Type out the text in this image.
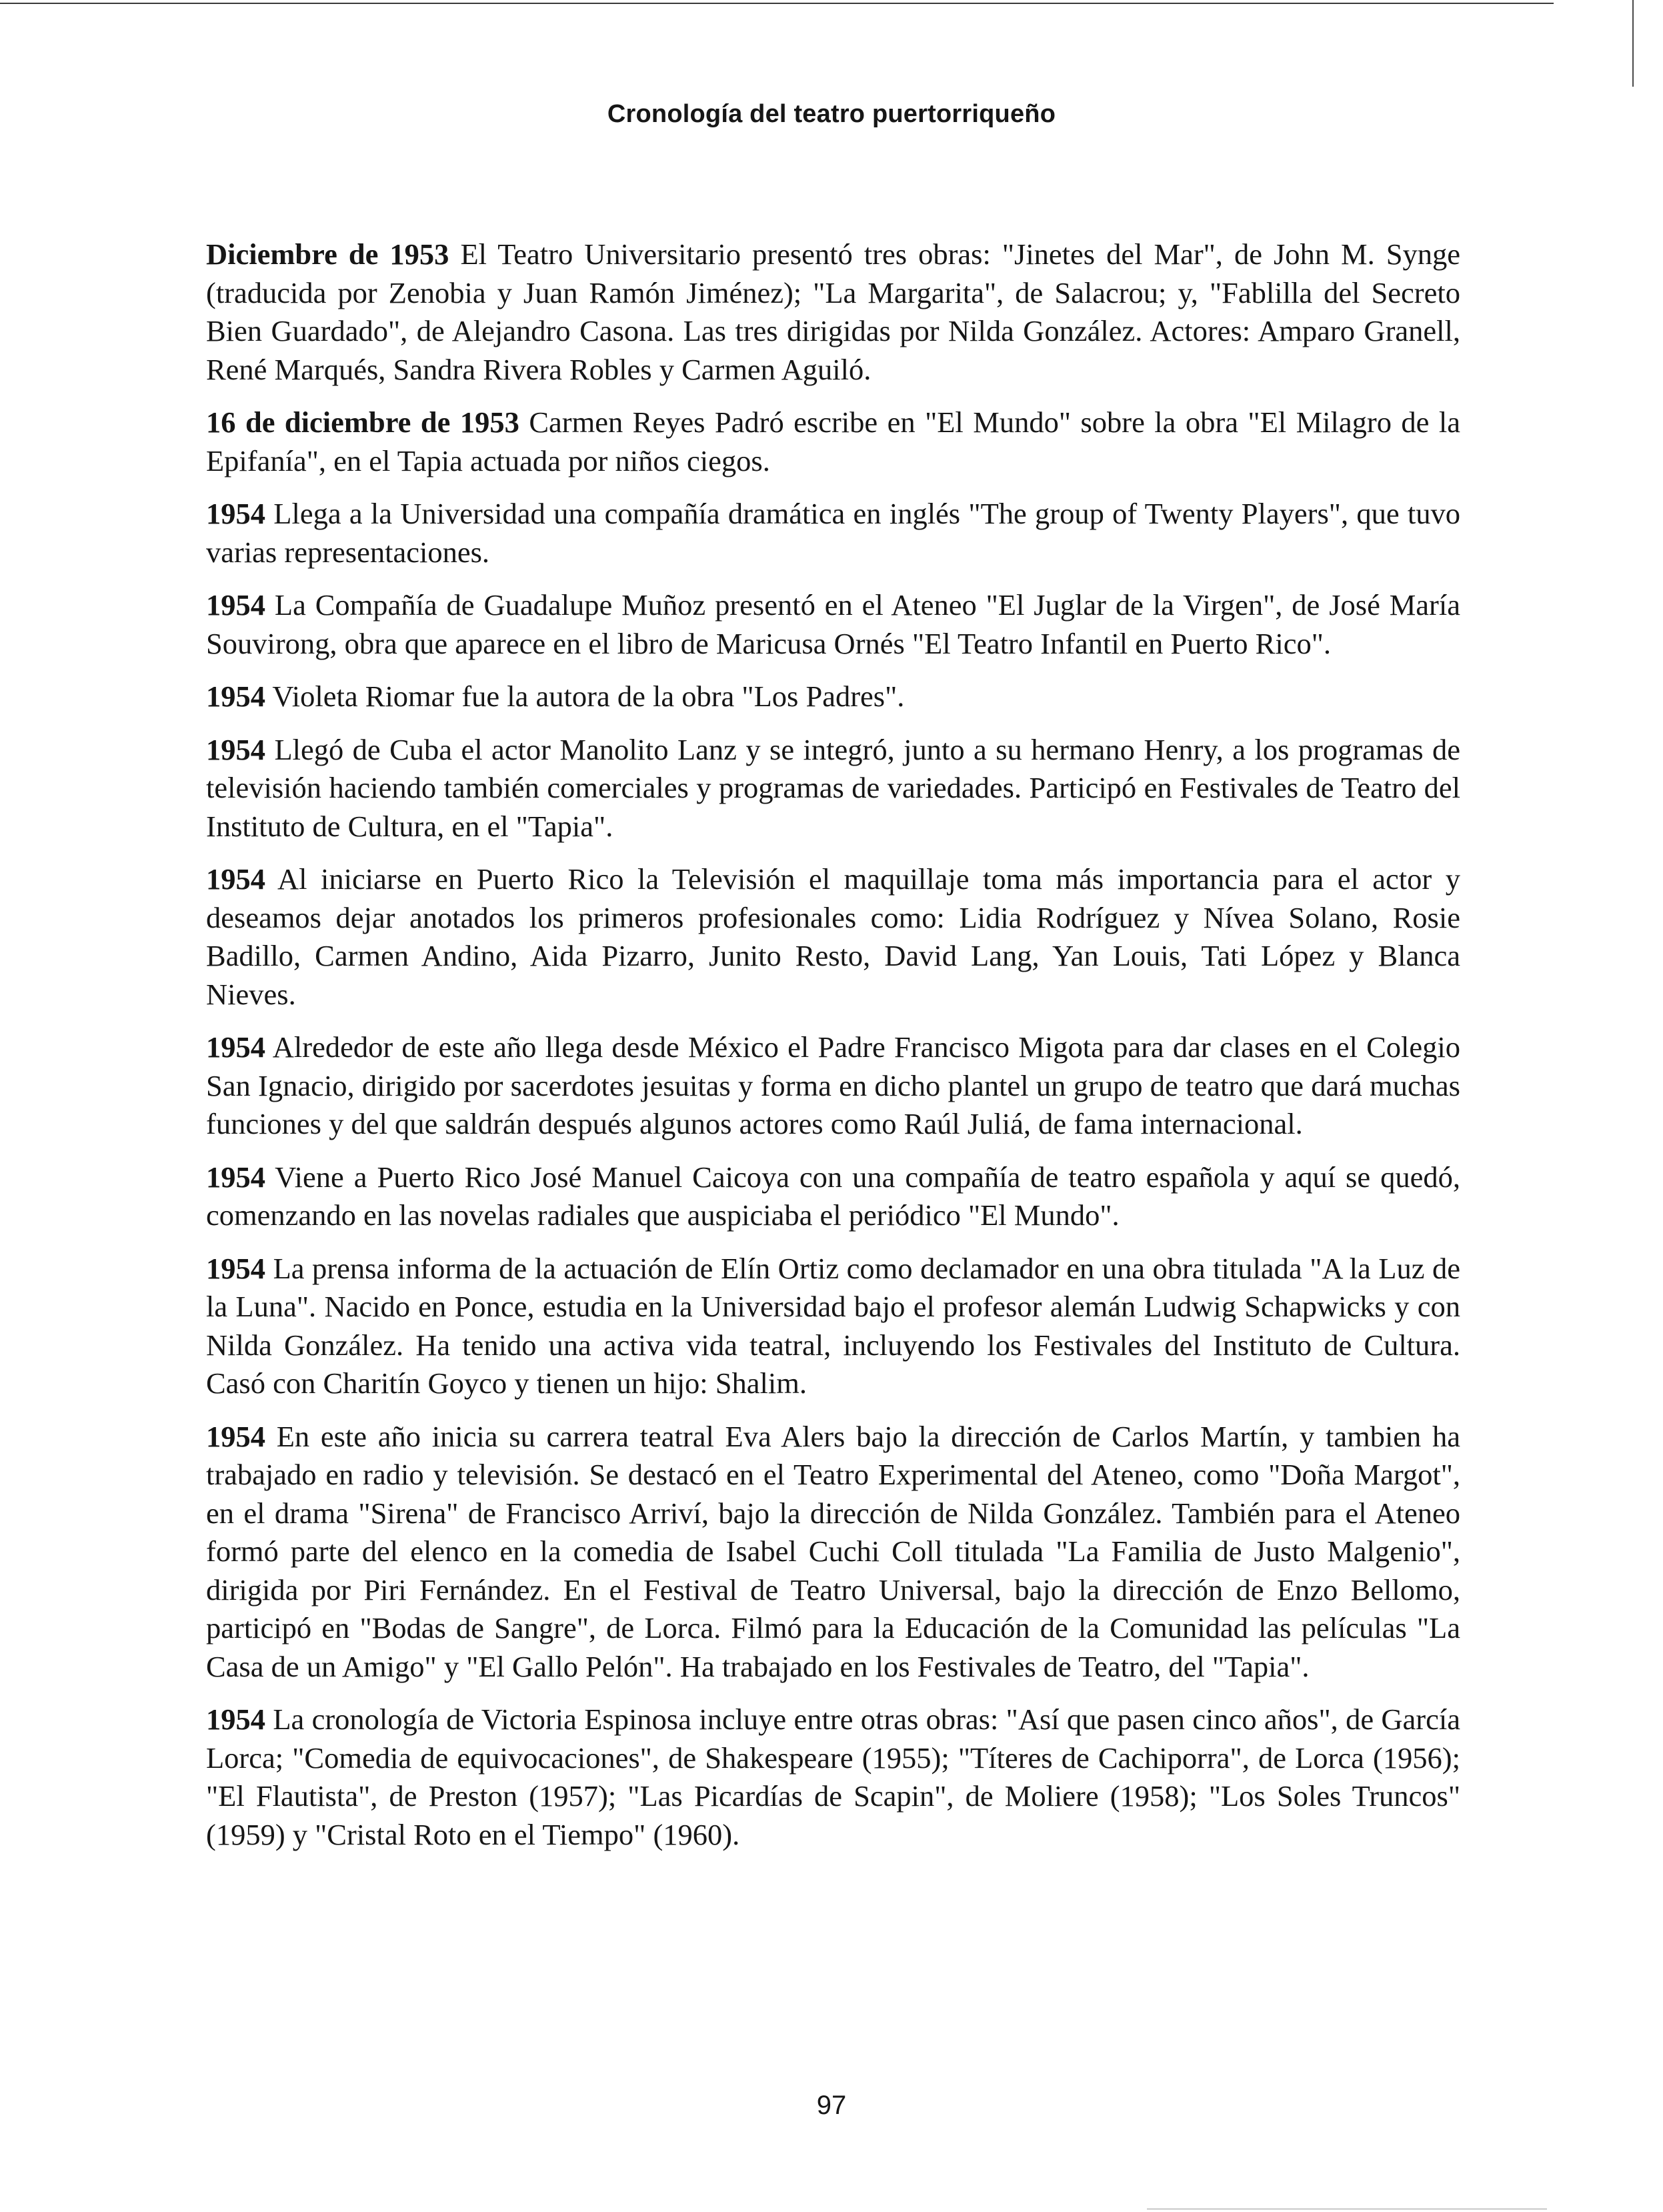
Cronología del teatro puertorriqueño

Diciembre de 1953 El Teatro Universitario presentó tres obras: "Jinetes del Mar", de John M. Synge (traducida por Zenobia y Juan Ramón Jiménez); "La Margarita", de Salacrou; y, "Fablilla del Secreto Bien Guardado", de Alejandro Casona. Las tres dirigidas por Nilda González. Actores: Amparo Granell, René Marqués, Sandra Rivera Robles y Carmen Aguiló.

16 de diciembre de 1953 Carmen Reyes Padró escribe en "El Mundo" sobre la obra "El Milagro de la Epifanía", en el Tapia actuada por niños ciegos.

1954 Llega a la Universidad una compañía dramática en inglés "The group of Twenty Players", que tuvo varias representaciones.

1954 La Compañía de Guadalupe Muñoz presentó en el Ateneo "El Juglar de la Virgen", de José María Souvirong, obra que aparece en el libro de Maricusa Ornés "El Teatro Infantil en Puerto Rico".

1954 Violeta Riomar fue la autora de la obra "Los Padres".

1954 Llegó de Cuba el actor Manolito Lanz y se integró, junto a su hermano Henry, a los programas de televisión haciendo también comerciales y programas de variedades. Participó en Festivales de Teatro del Instituto de Cultura, en el "Tapia".

1954 Al iniciarse en Puerto Rico la Televisión el maquillaje toma más importancia para el actor y deseamos dejar anotados los primeros profesionales como: Lidia Rodríguez y Nívea Solano, Rosie Badillo, Carmen Andino, Aida Pizarro, Junito Resto, David Lang, Yan Louis, Tati López y Blanca Nieves.

1954 Alrededor de este año llega desde México el Padre Francisco Migota para dar clases en el Colegio San Ignacio, dirigido por sacerdotes jesuitas y forma en dicho plantel un grupo de teatro que dará muchas funciones y del que saldrán después algunos actores como Raúl Juliá, de fama internacional.

1954 Viene a Puerto Rico José Manuel Caicoya con una compañía de teatro española y aquí se quedó, comenzando en las novelas radiales que auspiciaba el periódico "El Mundo".

1954 La prensa informa de la actuación de Elín Ortiz como declamador en una obra titulada "A la Luz de la Luna". Nacido en Ponce, estudia en la Universidad bajo el profesor alemán Ludwig Schapwicks y con Nilda González. Ha tenido una activa vida teatral, incluyendo los Festivales del Instituto de Cultura. Casó con Charitín Goyco y tienen un hijo: Shalim.

1954 En este año inicia su carrera teatral Eva Alers bajo la dirección de Carlos Martín, y tambien ha trabajado en radio y televisión. Se destacó en el Teatro Experimental del Ateneo, como "Doña Margot", en el drama "Sirena" de Francisco Arriví, bajo la dirección de Nilda González. También para el Ateneo formó parte del elenco en la comedia de Isabel Cuchi Coll titulada "La Familia de Justo Malgenio", dirigida por Piri Fernández. En el Festival de Teatro Universal, bajo la dirección de Enzo Bellomo, participó en "Bodas de Sangre", de Lorca. Filmó para la Educación de la Comunidad las películas "La Casa de un Amigo" y "El Gallo Pelón". Ha trabajado en los Festivales de Teatro, del "Tapia".

1954 La cronología de Victoria Espinosa incluye entre otras obras: "Así que pasen cinco años", de García Lorca; "Comedia de equivocaciones", de Shakespeare (1955); "Títeres de Cachiporra", de Lorca (1956); "El Flautista", de Preston (1957); "Las Picardías de Scapin", de Moliere (1958); "Los Soles Truncos" (1959) y "Cristal Roto en el Tiempo" (1960).

97
